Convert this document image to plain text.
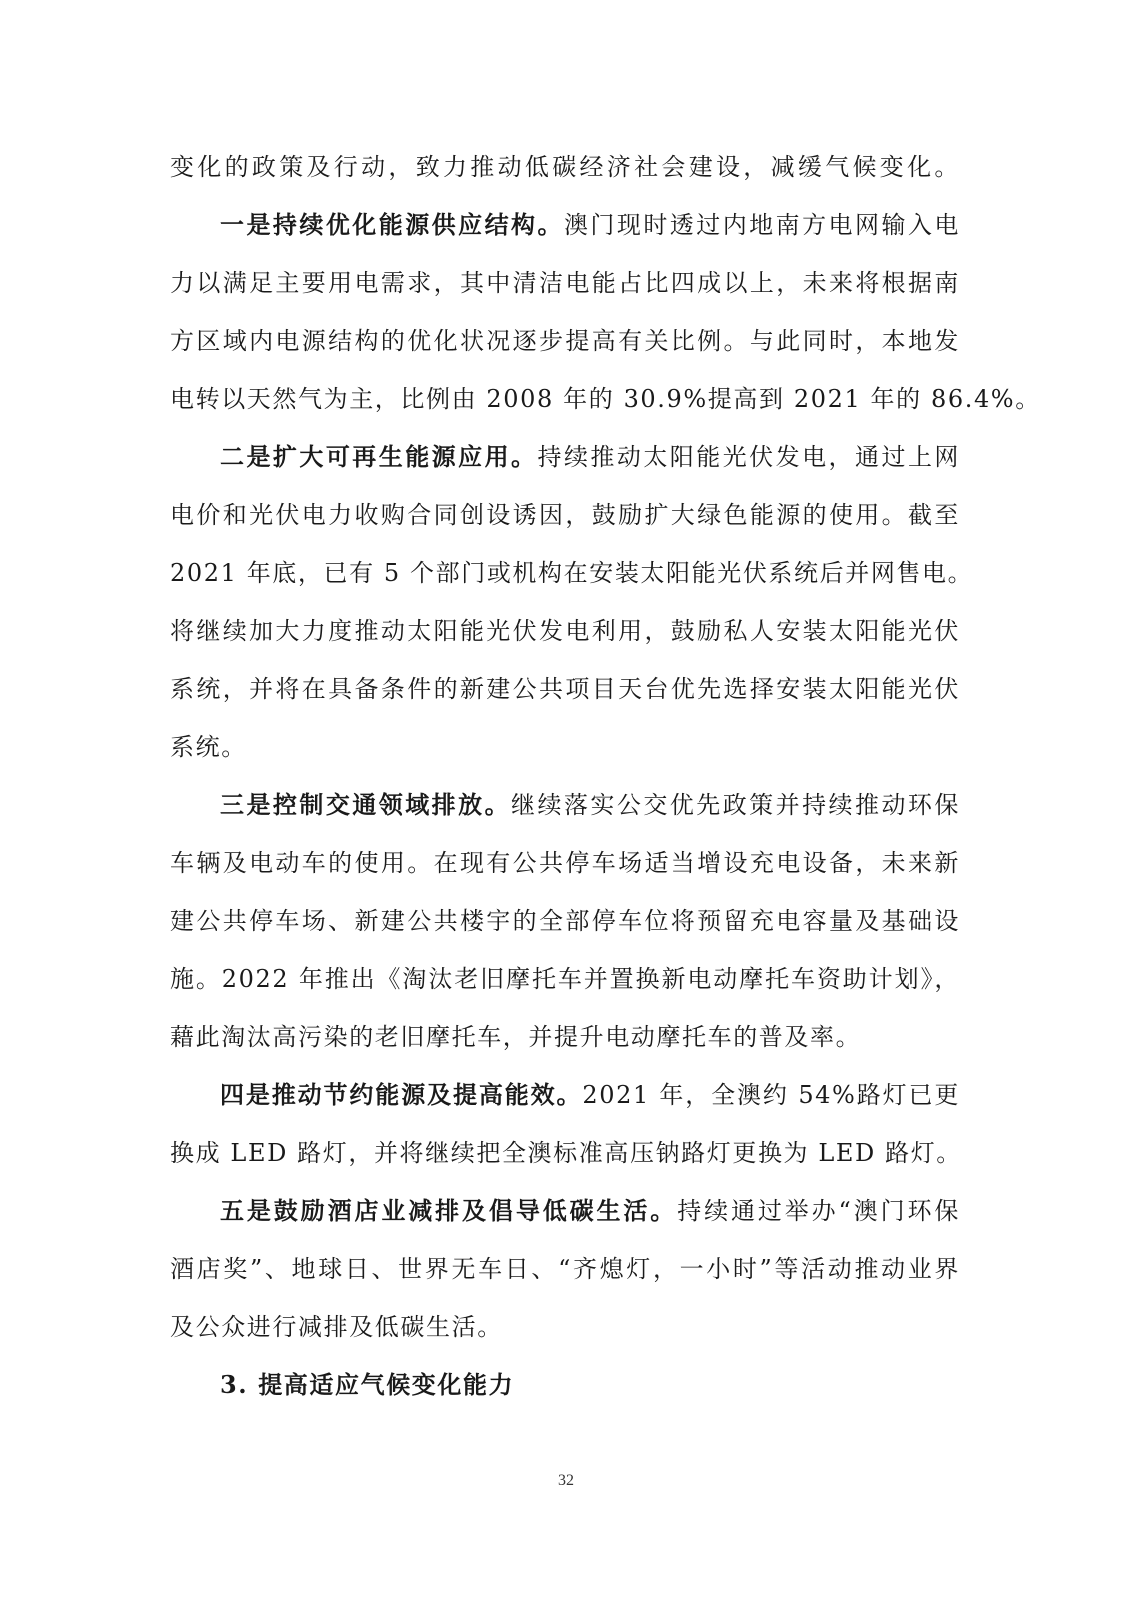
变化的政策及行动，致力推动低碳经济社会建设，减缓气候变化。
一是持续优化能源供应结构。澳门现时透过内地南方电网输入电
力以满足主要用电需求，其中清洁电能占比四成以上，未来将根据南
方区域内电源结构的优化状况逐步提高有关比例。与此同时，本地发
电转以天然气为主，比例由 2008 年的 30.9%提高到 2021 年的 86.4%。
二是扩大可再生能源应用。持续推动太阳能光伏发电，通过上网
电价和光伏电力收购合同创设诱因，鼓励扩大绿色能源的使用。截至
2021 年底，已有 5 个部门或机构在安装太阳能光伏系统后并网售电。
将继续加大力度推动太阳能光伏发电利用，鼓励私人安装太阳能光伏
系统，并将在具备条件的新建公共项目天台优先选择安装太阳能光伏
系统。
三是控制交通领域排放。继续落实公交优先政策并持续推动环保
车辆及电动车的使用。在现有公共停车场适当增设充电设备，未来新
建公共停车场、新建公共楼宇的全部停车位将预留充电容量及基础设
施。2022 年推出《淘汰老旧摩托车并置换新电动摩托车资助计划》，
藉此淘汰高污染的老旧摩托车，并提升电动摩托车的普及率。
四是推动节约能源及提高能效。2021 年，全澳约 54%路灯已更
换成 LED 路灯，并将继续把全澳标准高压钠路灯更换为 LED 路灯。
五是鼓励酒店业减排及倡导低碳生活。持续通过举办“澳门环保
酒店奖”、地球日、世界无车日、“齐熄灯，一小时”等活动推动业界
及公众进行减排及低碳生活。
3. 提高适应气候变化能力
32
